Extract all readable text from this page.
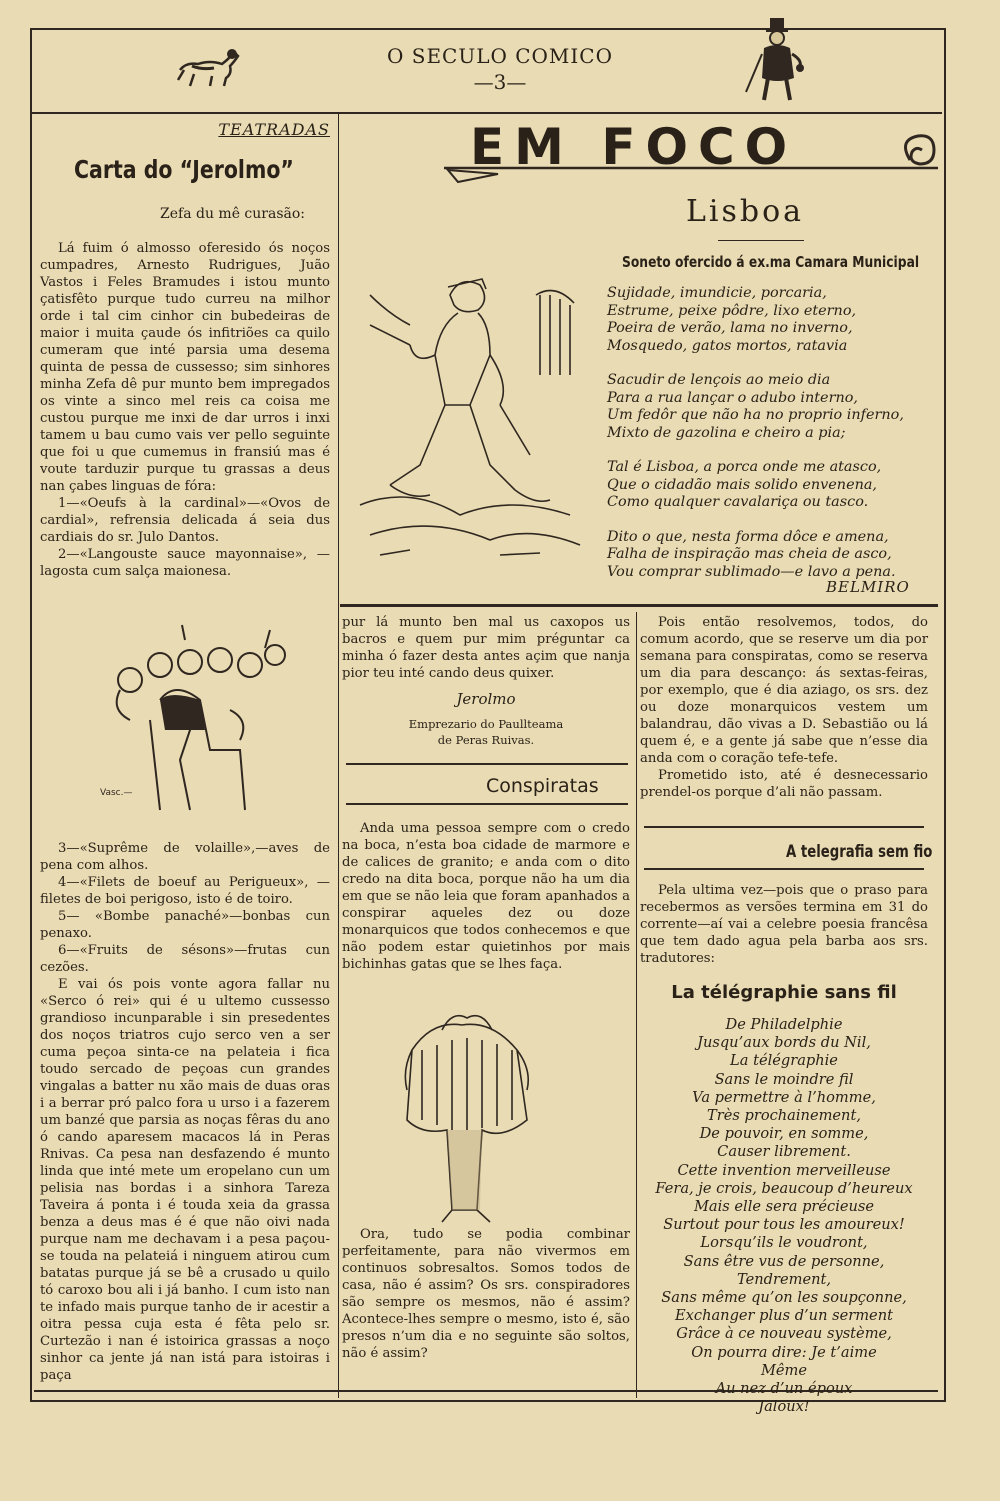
O SECULO COMICO
—3—
TEATRADAS
Carta do “Jerolmo”
Zefa du mê curasão:

Lá fuim ó almosso oferesido ós noços cumpadres, Arnesto Rudrigues, Juão Vastos i Feles Bramudes i istou munto çatisfêto purque tudo curreu na milhor orde i tal cim cinhor cin bubedeiras de maior i muita çaude ós infitriões ca quilo cumeram que inté parsia uma desema quinta de pessa de cussesso; sim sinhores minha Zefa dê pur munto bem impregados os vinte a sinco mel reis ca coisa me custou purque me inxi de dar urros i inxi tamem u bau cumo vais ver pello seguinte que foi u que cumemus in fransiú mas é voute tarduzir purque tu grassas a deus nan çabes linguas de fóra:

1—«Oeufs à la cardinal»—«Ovos de cardial», refrensia delicada á seia dus cardiais do sr. Julo Dantos.

2—«Langouste sauce mayonnaise», —lagosta cum salça maionesa.

Vasc.—

3—«Suprême de volaille»,—aves de pena com alhos.

4—«Filets de boeuf au Perigueux», —filetes de boi perigoso, isto é de toiro.

5— «Bombe panaché»—bonbas cun penaxo.

6—«Fruits de sésons»—frutas cun cezões.

E vai ós pois vonte agora fallar nu «Serco ó rei» qui é u ultemo cussesso grandioso incunparable i sin presedentes dos noços triatros cujo serco ven a ser cuma peçoa sinta-ce na pelateia i fica toudo sercado de peçoas cun grandes vingalas a batter nu xão mais de duas oras i a berrar pró palco fora u urso i a fazerem um banzé que parsia as noças fêras du ano ó cando aparesem macacos lá in Peras Rnivas. Ca pesa nan desfazendo é munto linda que inté mete um eropelano cun um pelisia nas bordas i a sinhora Tareza Taveira á ponta i é touda xeia da grassa benza a deus mas é é que não oivi nada purque nam me dechavam i a pesa paçou-se touda na pelateiá i ninguem atirou cum batatas purque já se bê a crusado u quilo tó caroxo bou ali i já banho. I cum isto nan te infado mais purque tanho de ir acestir a oitra pessa cuja esta é fêta pelo sr. Curtezão i nan é istoirica grassas a noço sinhor ca jente já nan istá para istoiras i paça

EM FOCO
Lisboa
Soneto ofercido á ex.ma Camara Municipal
Sujidade, imundicie, porcaria,
Estrume, peixe pôdre, lixo eterno,
Poeira de verão, lama no inverno,
Mosquedo, gatos mortos, ratavia
Sacudir de lençois ao meio dia
Para a rua lançar o adubo interno,
Um fedôr que não ha no proprio inferno,
Mixto de gazolina e cheiro a pia;
Tal é Lisboa, a porca onde me atasco,
Que o cidadão mais solido envenena,
Como qualquer cavalariça ou tasco.
Dito o que, nesta forma dôce e amena,
Falha de inspiração mas cheia de asco,
Vou comprar sublimado—e lavo a pena.
BELMIRO
pur lá munto ben mal us caxopos us bacros e quem pur mim préguntar ca minha ó fazer desta antes açim que nanja pior teu inté cando deus quixer.
Jerolmo
Emprezario do Paullteama
de Peras Ruivas.
Conspiratas

Anda uma pessoa sempre com o credo na boca, n’esta boa cidade de marmore e de calices de granito; e anda com o dito credo na dita boca, porque não ha um dia em que se não leia que foram apanhados a conspirar aqueles dez ou doze monarquicos que todos conhecemos e que não podem estar quietinhos por mais bichinhas gatas que se lhes faça.

Ora, tudo se podia combinar perfeitamente, para não vivermos em continuos sobresaltos. Somos todos de casa, não é assim? Os srs. conspiradores são sempre os mesmos, não é assim? Acontece-lhes sempre o mesmo, isto é, são presos n’um dia e no seguinte são soltos, não é assim?

Pois então resolvemos, todos, do comum acordo, que se reserve um dia por semana para conspiratas, como se reserva um dia para descanço: ás sextas-feiras, por exemplo, que é dia aziago, os srs. dez ou doze monarquicos vestem um balandrau, dão vivas a D. Sebastião ou lá quem é, e a gente já sabe que n’esse dia anda com o coração tefe-tefe.

Prometido isto, até é desnecessario prendel-os porque d’ali não passam.

A telegrafia sem fio

Pela ultima vez—pois que o praso para recebermos as versões termina em 31 do corrente—aí vai a celebre poesia francêsa que tem dado agua pela barba aos srs. tradutores:

La télégraphie sans fil
De Philadelphie
Jusqu’aux bords du Nil,
La télégraphie
Sans le moindre fil
Va permettre à l’homme,
Très prochainement,
De pouvoir, en somme,
Causer librement.
Cette invention merveilleuse
Fera, je crois, beaucoup d’heureux
Mais elle sera précieuse
Surtout pour tous les amoureux!
Lorsqu’ils le voudront,
Sans être vus de personne,
Tendrement,
Sans même qu’on les soupçonne,
Exchanger plus d’un serment
Grâce à ce nouveau système,
On pourra dire: Je t’aime
Même
Au nez d’un époux
Jaloux!
